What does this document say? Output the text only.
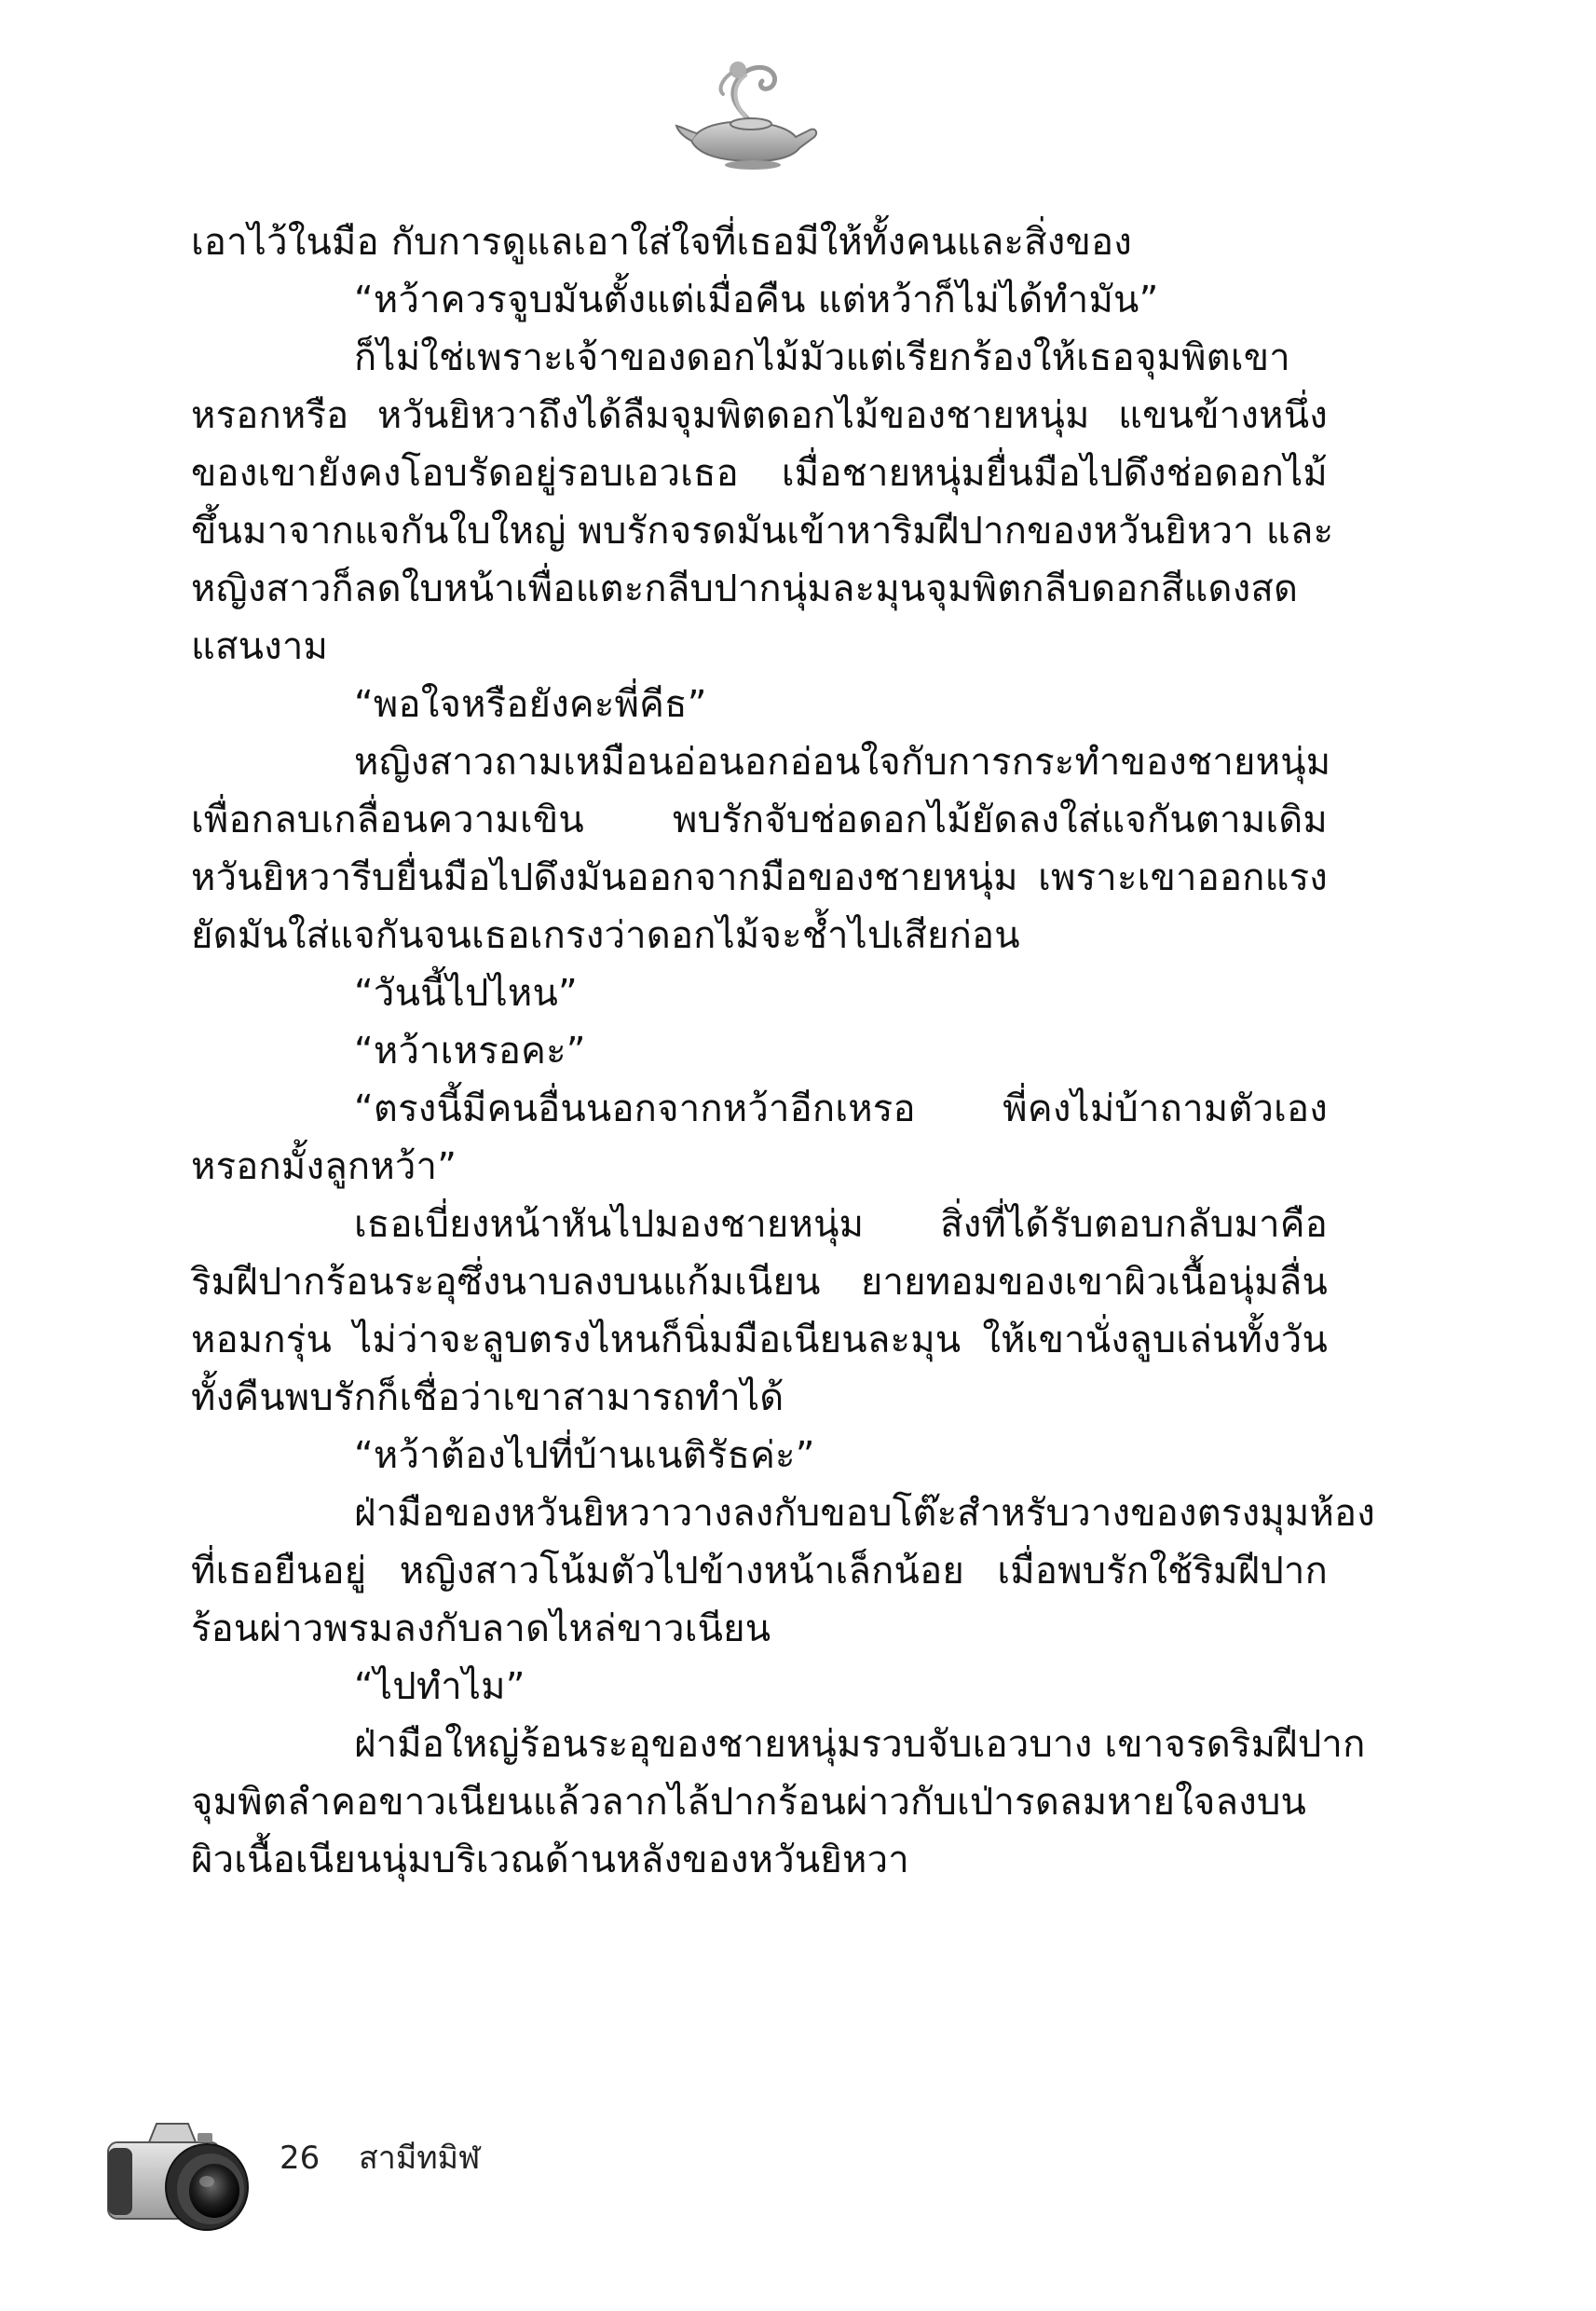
เอาไว้ในมือ กับการดูแลเอาใส่ใจที่เธอมีให้ทั้งคนและสิ่งของ
“หว้าควรจูบมันตั้งแต่เมื่อคืน แต่หว้าก็ไม่ได้ทำมัน”
ก็ไม่ใช่เพราะเจ้าของดอกไม้มัวแต่เรียกร้องให้เธอจุมพิตเขา
หรอกหรือ หวันยิหวาถึงได้ลืมจุมพิตดอกไม้ของชายหนุ่ม แขนข้างหนึ่ง
ของเขายังคงโอบรัดอยู่รอบเอวเธอ เมื่อชายหนุ่มยื่นมือไปดึงช่อดอกไม้
ขึ้นมาจากแจกันใบใหญ่ พบรักจรดมันเข้าหาริมฝีปากของหวันยิหวา และ
หญิงสาวก็ลดใบหน้าเพื่อแตะกลีบปากนุ่มละมุนจุมพิตกลีบดอกสีแดงสด
แสนงาม
“พอใจหรือยังคะพี่คีธ”
หญิงสาวถามเหมือนอ่อนอกอ่อนใจกับการกระทำของชายหนุ่ม
เพื่อกลบเกลื่อนความเขิน พบรักจับช่อดอกไม้ยัดลงใส่แจกันตามเดิม
หวันยิหวารีบยื่นมือไปดึงมันออกจากมือของชายหนุ่ม เพราะเขาออกแรง
ยัดมันใส่แจกันจนเธอเกรงว่าดอกไม้จะช้ำไปเสียก่อน
“วันนี้ไปไหน”
“หว้าเหรอคะ”
“ตรงนี้มีคนอื่นนอกจากหว้าอีกเหรอ พี่คงไม่บ้าถามตัวเอง
หรอกมั้งลูกหว้า”
เธอเบี่ยงหน้าหันไปมองชายหนุ่ม สิ่งที่ได้รับตอบกลับมาคือ
ริมฝีปากร้อนระอุซึ่งนาบลงบนแก้มเนียน ยายทอมของเขาผิวเนื้อนุ่มลื่น
หอมกรุ่น ไม่ว่าจะลูบตรงไหนก็นิ่มมือเนียนละมุน ให้เขานั่งลูบเล่นทั้งวัน
ทั้งคืนพบรักก็เชื่อว่าเขาสามารถทำได้
“หว้าต้องไปที่บ้านเนติรัธค่ะ”
ฝ่ามือของหวันยิหวาวางลงกับขอบโต๊ะสำหรับวางของตรงมุมห้อง
ที่เธอยืนอยู่ หญิงสาวโน้มตัวไปข้างหน้าเล็กน้อย เมื่อพบรักใช้ริมฝีปาก
ร้อนผ่าวพรมลงกับลาดไหล่ขาวเนียน
“ไปทำไม”
ฝ่ามือใหญ่ร้อนระอุของชายหนุ่มรวบจับเอวบาง เขาจรดริมฝีปาก
จุมพิตลำคอขาวเนียนแล้วลากไล้ปากร้อนผ่าวกับเป่ารดลมหายใจลงบน
ผิวเนื้อเนียนนุ่มบริเวณด้านหลังของหวันยิหวา
26 สามีทมิฬ
